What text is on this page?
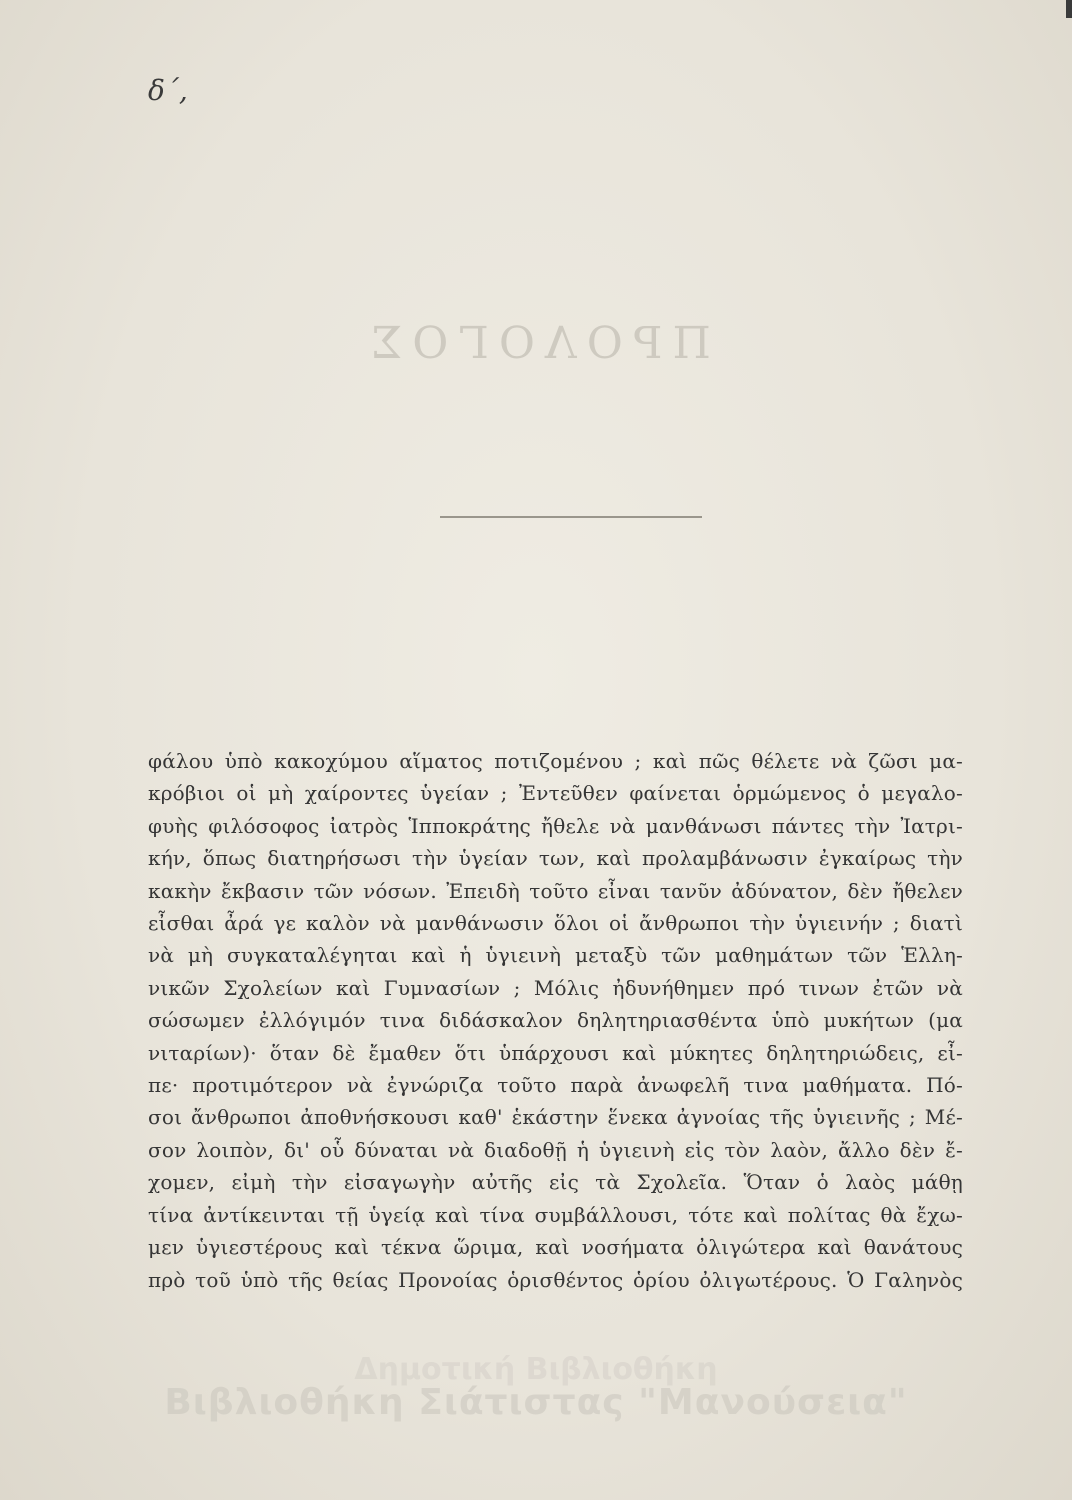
δ΄,
ΠΡΟΛΟΓΟΣ
φάλου ὑπὸ κακοχύμου αἵματος ποτιζομένου ; καὶ πῶς θέλετε νὰ ζῶσι μα-
κρόβιοι οἱ μὴ χαίροντες ὑγείαν ; Ἐντεῦθεν φαίνεται ὁρμώμενος ὁ μεγαλο-
φυὴς φιλόσοφος ἰατρὸς Ἱπποκράτης ἤθελε νὰ μανθάνωσι πάντες τὴν Ἰατρι-
κήν, ὅπως διατηρήσωσι τὴν ὑγείαν των, καὶ προλαμβάνωσιν ἐγκαίρως τὴν
κακὴν ἔκβασιν τῶν νόσων. Ἐπειδὴ τοῦτο εἶναι τανῦν ἀδύνατον, δὲν ἤθελεν
εἶσθαι ἆρά γε καλὸν νὰ μανθάνωσιν ὅλοι οἱ ἄνθρωποι τὴν ὑγιεινήν ; διατὶ
νὰ μὴ συγκαταλέγηται καὶ ἡ ὑγιεινὴ μεταξὺ τῶν μαθημάτων τῶν Ἑλλη-
νικῶν Σχολείων καὶ Γυμνασίων ; Μόλις ἠδυνήθημεν πρό τινων ἐτῶν νὰ
σώσωμεν ἐλλόγιμόν τινα διδάσκαλον δηλητηριασθέντα ὑπὸ μυκήτων (μα
νιταρίων)· ὅταν δὲ ἔμαθεν ὅτι ὑπάρχουσι καὶ μύκητες δηλητηριώδεις, εἶ-
πε· προτιμότερον νὰ ἐγνώριζα τοῦτο παρὰ ἀνωφελῆ τινα μαθήματα. Πό-
σοι ἄνθρωποι ἀποθνήσκουσι καθ' ἑκάστην ἕνεκα ἀγνοίας τῆς ὑγιεινῆς ; Μέ-
σον λοιπὸν, δι' οὗ δύναται νὰ διαδοθῇ ἡ ὑγιεινὴ εἰς τὸν λαὸν, ἄλλο δὲν ἔ-
χομεν, εἰμὴ τὴν εἰσαγωγὴν αὐτῆς εἰς τὰ Σχολεῖα. Ὅταν ὁ λαὸς μάθῃ
τίνα ἀντίκεινται τῇ ὑγείᾳ καὶ τίνα συμβάλλουσι, τότε καὶ πολίτας θὰ ἔχω-
μεν ὑγιεστέρους καὶ τέκνα ὥριμα, καὶ νοσήματα ὀλιγώτερα καὶ θανάτους
πρὸ τοῦ ὑπὸ τῆς θείας Προνοίας ὁρισθέντος ὁρίου ὀλιγωτέρους. Ὁ Γαληνὸς
Δημοτική Βιβλιοθήκη
Βιβλιοθήκη Σιάτιστας "Μανούσεια"
